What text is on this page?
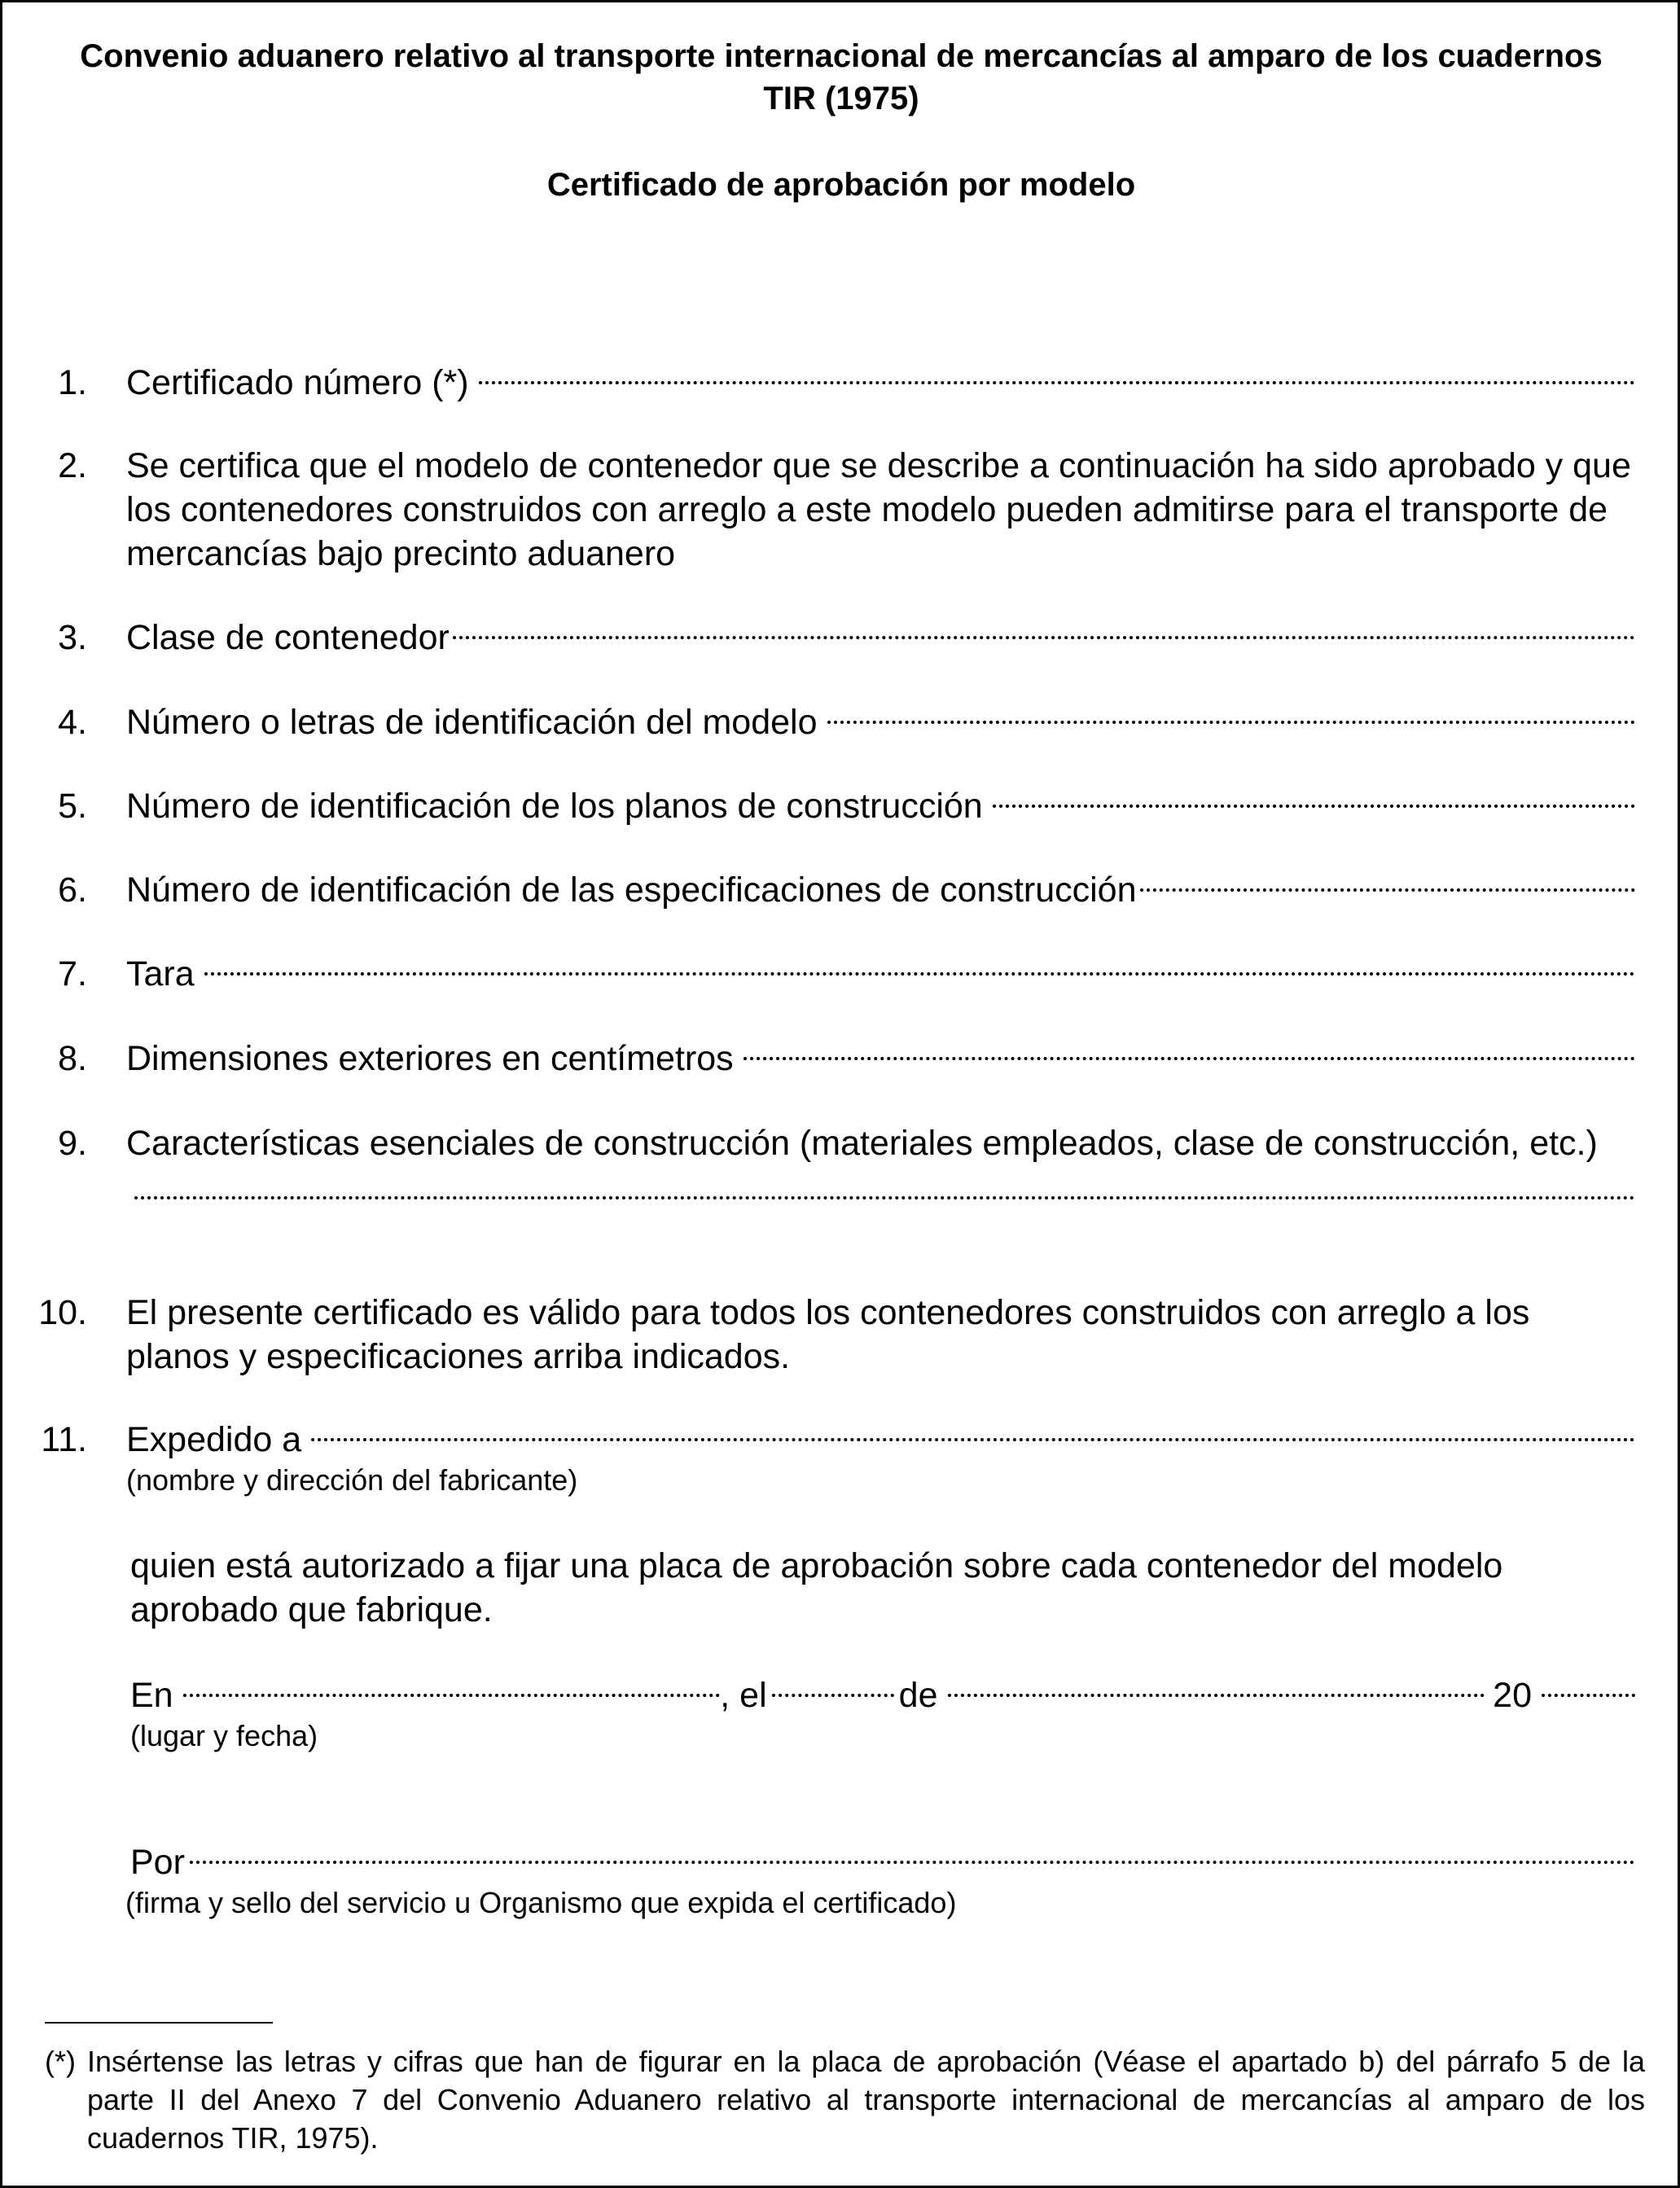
Convenio aduanero relativo al transporte internacional de mercancías al amparo de los cuadernos TIR (1975)
Certificado de aprobación por modelo
1. Certificado número (*)
2. Se certifica que el modelo de contenedor que se describe a continuación ha sido aprobado y que los contenedores construidos con arreglo a este modelo pueden admitirse para el transporte de mercancías bajo precinto aduanero
3. Clase de contenedor
4. Número o letras de identificación del modelo
5. Número de identificación de los planos de construcción
6. Número de identificación de las especificaciones de construcción
7. Tara
8. Dimensiones exteriores en centímetros
9. Características esenciales de construcción (materiales empleados, clase de construcción, etc.)
10. El presente certificado es válido para todos los contenedores construidos con arreglo a los planos y especificaciones arriba indicados.
11. Expedido a
(nombre y dirección del fabricante)
quien está autorizado a fijar una placa de aprobación sobre cada contenedor del modelo aprobado que fabrique.
En	, el	de	20
(lugar y fecha)
Por
(firma y sello del servicio u Organismo que expida el certificado)
(*) Insértense las letras y cifras que han de figurar en la placa de aprobación (Véase el apartado b) del párrafo 5 de la parte II del Anexo 7 del Convenio Aduanero relativo al transporte internacional de mercancías al amparo de los cuadernos TIR, 1975).
